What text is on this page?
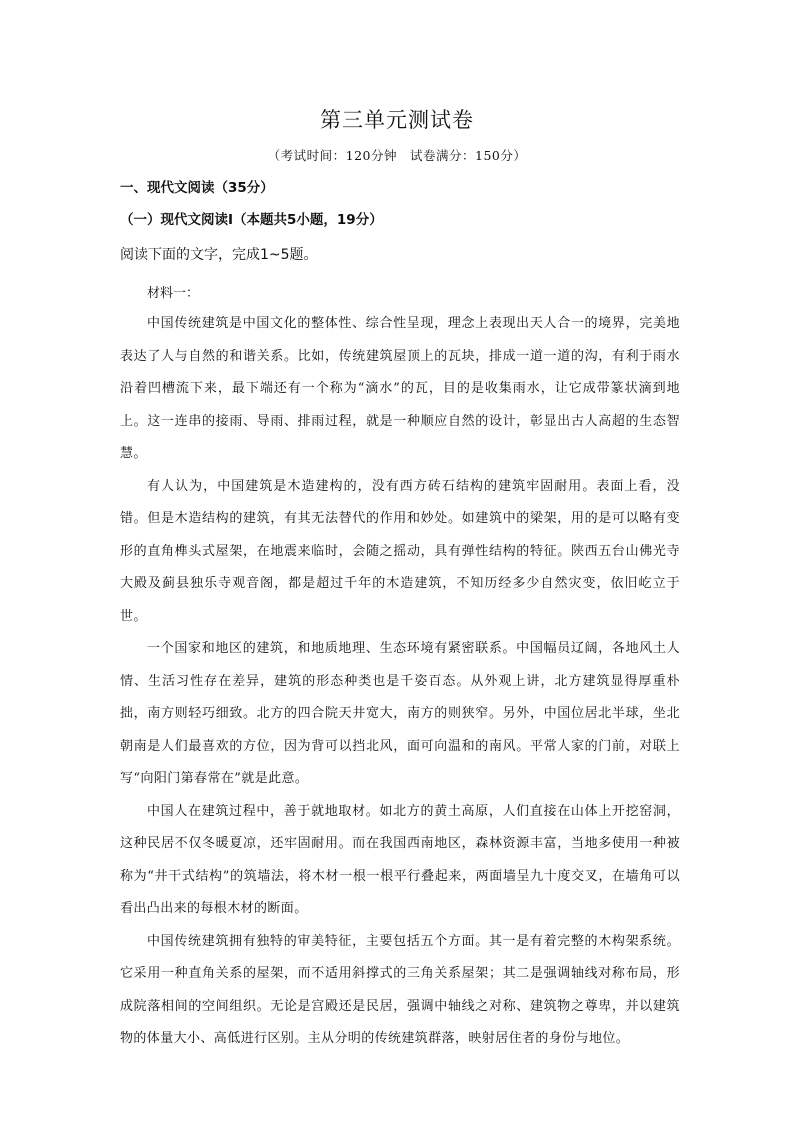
第三单元测试卷
（考试时间：120分钟　试卷满分：150分）
一、现代文阅读（35分）
（一）现代文阅读Ⅰ（本题共5小题，19分）
阅读下面的文字，完成1~5题。
材料一：

中国传统建筑是中国文化的整体性、综合性呈现，理念上表现出天人合一的境界，完美地表达了人与自然的和谐关系。比如，传统建筑屋顶上的瓦块，排成一道一道的沟，有利于雨水沿着凹槽流下来，最下端还有一个称为“滴水”的瓦，目的是收集雨水，让它成带篆状滴到地上。这一连串的接雨、导雨、排雨过程，就是一种顺应自然的设计，彰显出古人高超的生态智慧。

有人认为，中国建筑是木造建构的，没有西方砖石结构的建筑牢固耐用。表面上看，没错。但是木造结构的建筑，有其无法替代的作用和妙处。如建筑中的梁架，用的是可以略有变形的直角榫头式屋架，在地震来临时，会随之摇动，具有弹性结构的特征。陕西五台山佛光寺大殿及蓟县独乐寺观音阁，都是超过千年的木造建筑，不知历经多少自然灾变，依旧屹立于世。

一个国家和地区的建筑，和地质地理、生态环境有紧密联系。中国幅员辽阔，各地风土人情、生活习性存在差异，建筑的形态种类也是千姿百态。从外观上讲，北方建筑显得厚重朴拙，南方则轻巧细致。北方的四合院天井宽大，南方的则狭窄。另外，中国位居北半球，坐北朝南是人们最喜欢的方位，因为背可以挡北风，面可向温和的南风。平常人家的门前，对联上写“向阳门第春常在”就是此意。

中国人在建筑过程中，善于就地取材。如北方的黄土高原，人们直接在山体上开挖窑洞，这种民居不仅冬暖夏凉，还牢固耐用。而在我国西南地区，森林资源丰富，当地多使用一种被称为“井干式结构”的筑墙法，将木材一根一根平行叠起来，两面墙呈九十度交叉，在墙角可以看出凸出来的每根木材的断面。

中国传统建筑拥有独特的审美特征，主要包括五个方面。其一是有着完整的木构架系统。它采用一种直角关系的屋架，而不适用斜撑式的三角关系屋架；其二是强调轴线对称布局，形成院落相间的空间组织。无论是宫殿还是民居，强调中轴线之对称、建筑物之尊卑，并以建筑物的体量大小、高低进行区别。主从分明的传统建筑群落，映射居住者的身份与地位。
